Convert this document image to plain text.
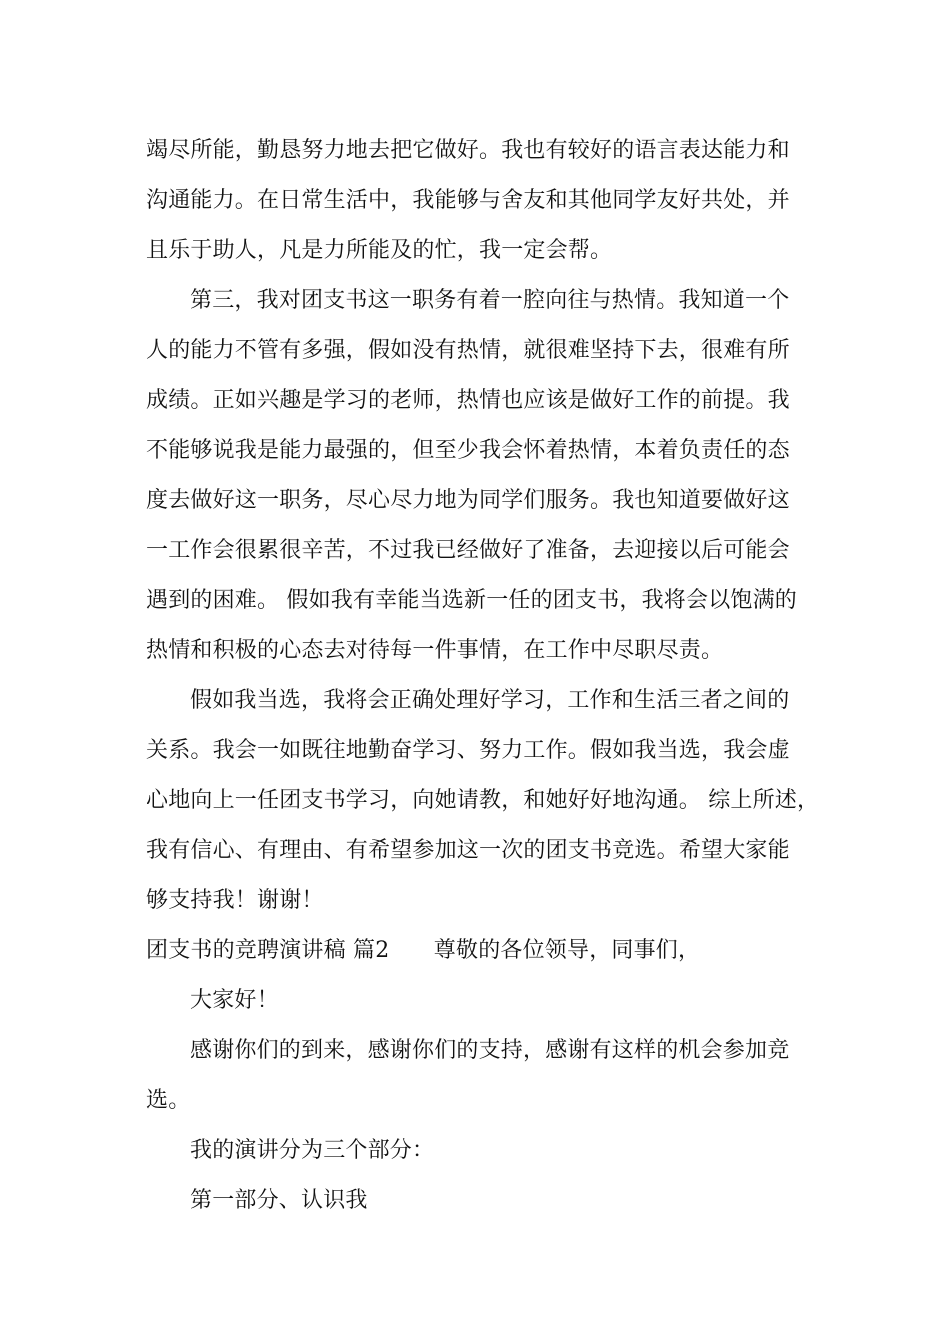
竭尽所能，勤恳努力地去把它做好。我也有较好的语言表达能力和
沟通能力。在日常生活中，我能够与舍友和其他同学友好共处，并
且乐于助人，凡是力所能及的忙，我一定会帮。
第三，我对团支书这一职务有着一腔向往与热情。我知道一个
人的能力不管有多强，假如没有热情，就很难坚持下去，很难有所
成绩。正如兴趣是学习的老师，热情也应该是做好工作的前提。我
不能够说我是能力最强的，但至少我会怀着热情，本着负责任的态
度去做好这一职务，尽心尽力地为同学们服务。我也知道要做好这
一工作会很累很辛苦，不过我已经做好了准备，去迎接以后可能会
遇到的困难。 假如我有幸能当选新一任的团支书，我将会以饱满的
热情和积极的心态去对待每一件事情，在工作中尽职尽责。
假如我当选，我将会正确处理好学习，工作和生活三者之间的
关系。我会一如既往地勤奋学习、努力工作。假如我当选，我会虚
心地向上一任团支书学习，向她请教，和她好好地沟通。 综上所述，
我有信心、有理由、有希望参加这一次的团支书竞选。希望大家能
够支持我！谢谢！
团支书的竞聘演讲稿 篇2　　尊敬的各位领导，同事们，
大家好！
感谢你们的到来，感谢你们的支持，感谢有这样的机会参加竞
选。
我的演讲分为三个部分：
第一部分、认识我
